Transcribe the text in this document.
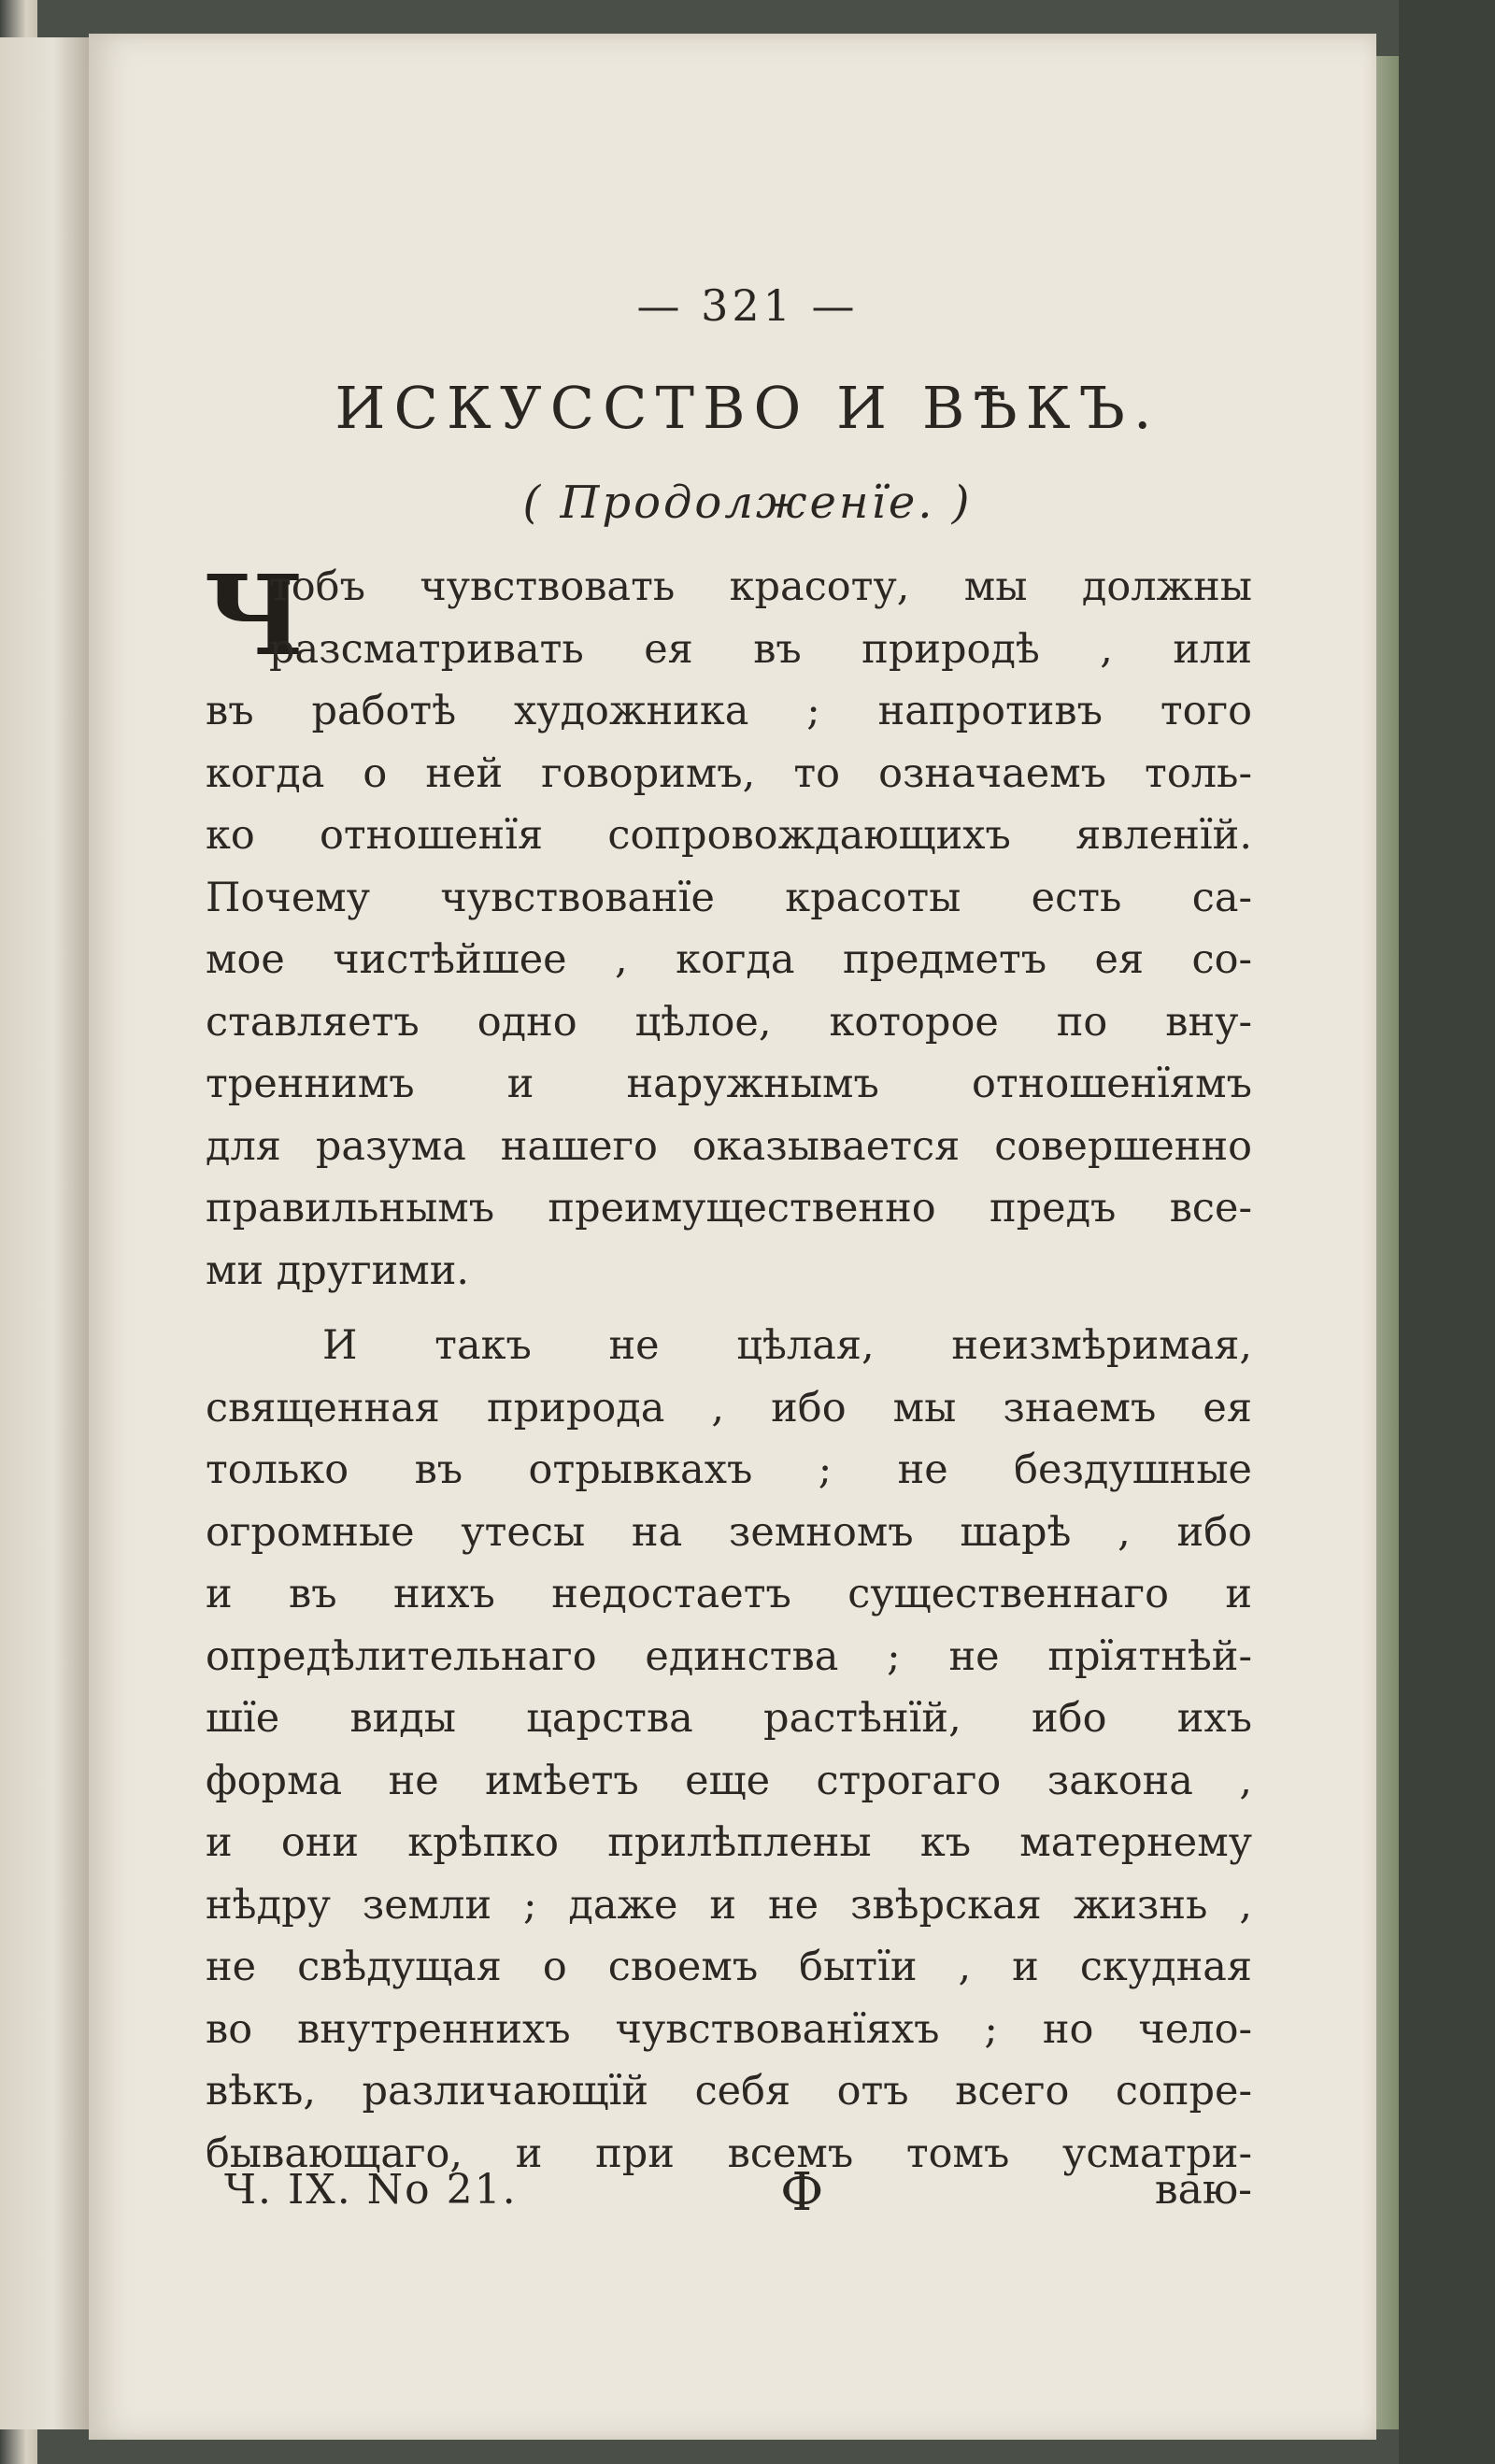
— 321 —
ИСКУССТВО И ВѢКЪ.
( Продолженїе. )
Ч
тобъ чувствовать красоту, мы должны
разсматривать ея въ природѣ , или
въ работѣ художника ; напротивъ того
когда о ней говоримъ, то означаемъ толь-
ко отношенїя сопровождающихъ явленїй.
Почему чувствованїе красоты есть са-
мое чистѣйшее , когда предметъ ея со-
ставляетъ одно цѣлое, которое по вну-
треннимъ и наружнымъ отношенїямъ
для разума нашего оказывается совершенно
правильнымъ преимущественно предъ все-
ми другими.
И такъ не цѣлая, неизмѣримая,
священная природа , ибо мы знаемъ ея
только въ отрывкахъ ; не бездушные
огромные утесы на земномъ шарѣ , ибо
и въ нихъ недостаетъ существеннаго и
опредѣлительнаго единства ; не прїятнѣй-
шїе виды царства растѣнїй, ибо ихъ
форма не имѣетъ еще строгаго закона ,
и они крѣпко прилѣплены къ матернему
нѣдру земли ; даже и не звѣрская жизнь ,
не свѣдущая о своемъ бытїи , и скудная
во внутреннихъ чувствованїяхъ ; но чело-
вѣкъ, различающїй себя отъ всего сопре-
бывающаго, и при всемъ томъ усматри-
Ч. IX. No 21.	Ф	ваю-
